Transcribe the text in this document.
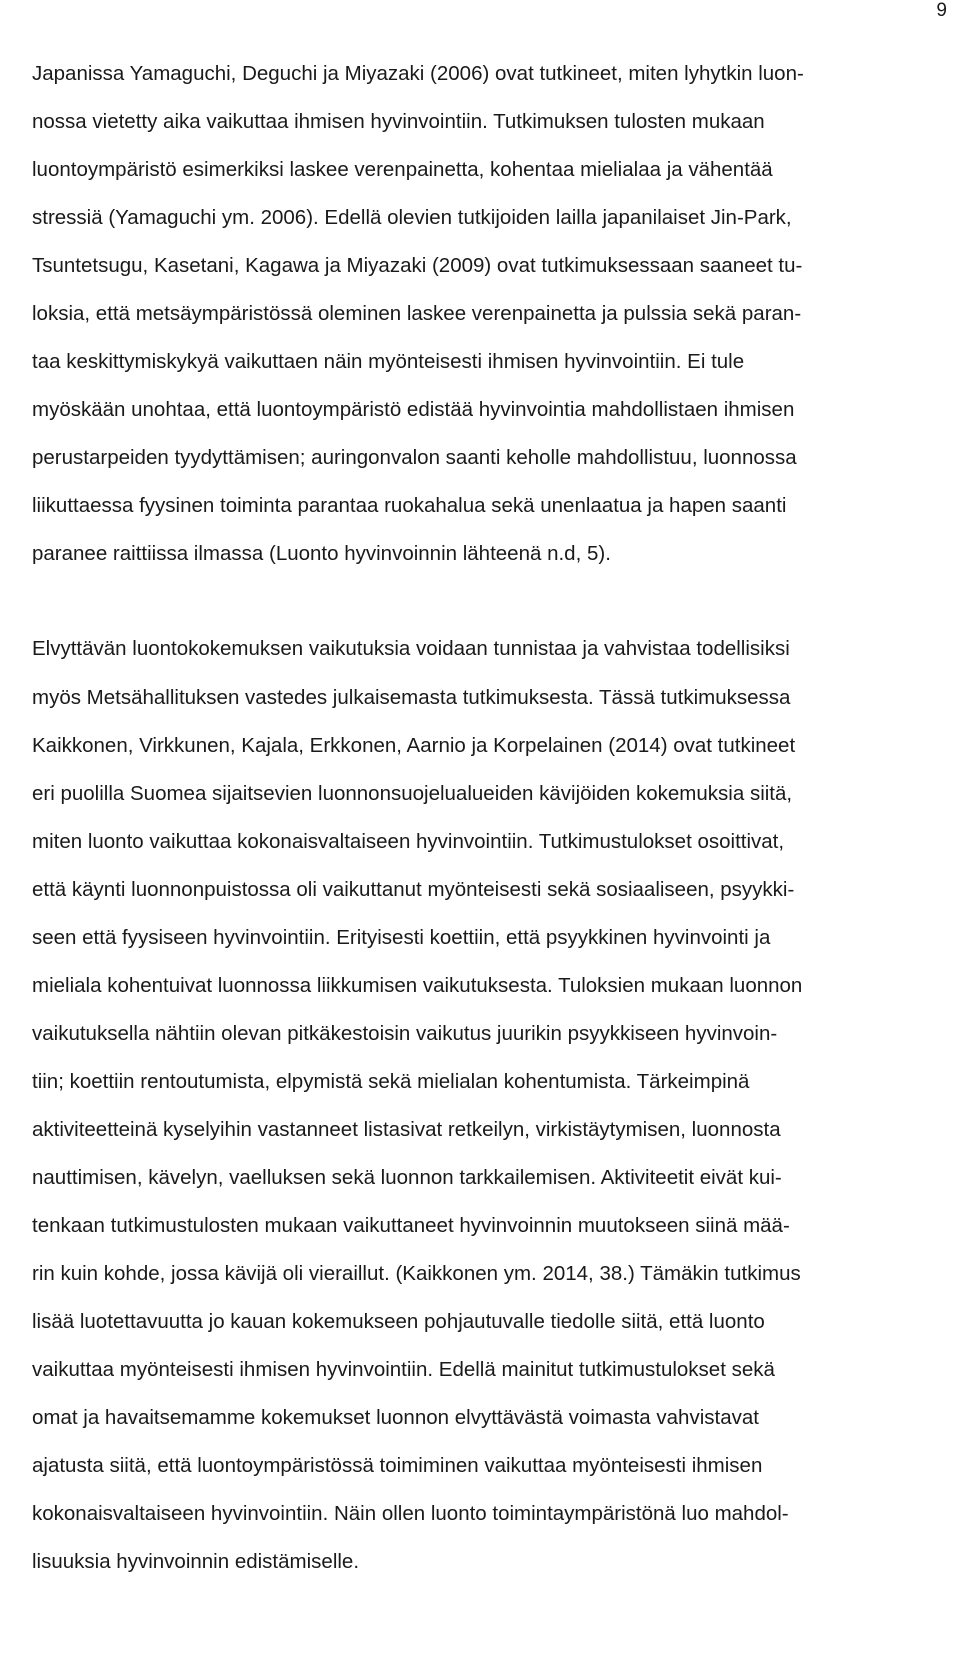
9
Japanissa Yamaguchi, Deguchi ja Miyazaki (2006) ovat tutkineet, miten lyhytkin luon-
nossa vietetty aika vaikuttaa ihmisen hyvinvointiin. Tutkimuksen tulosten mukaan
luontoympäristö esimerkiksi laskee verenpainetta, kohentaa mielialaa ja vähentää
stressiä (Yamaguchi ym. 2006). Edellä olevien tutkijoiden lailla japanilaiset Jin-Park,
Tsuntetsugu, Kasetani, Kagawa ja Miyazaki (2009) ovat tutkimuksessaan saaneet tu-
loksia, että metsäympäristössä oleminen laskee verenpainetta ja pulssia sekä paran-
taa keskittymiskykyä vaikuttaen näin myönteisesti ihmisen hyvinvointiin. Ei tule
myöskään unohtaa, että luontoympäristö edistää hyvinvointia mahdollistaen ihmisen
perustarpeiden tyydyttämisen; auringonvalon saanti keholle mahdollistuu, luonnossa
liikuttaessa fyysinen toiminta parantaa ruokahalua sekä unenlaatua ja hapen saanti
paranee raittiissa ilmassa (Luonto hyvinvoinnin lähteenä n.d, 5).
Elvyttävän luontokokemuksen vaikutuksia voidaan tunnistaa ja vahvistaa todellisiksi
myös Metsähallituksen vastedes julkaisemasta tutkimuksesta. Tässä tutkimuksessa
Kaikkonen, Virkkunen, Kajala, Erkkonen, Aarnio ja Korpelainen (2014) ovat tutkineet
eri puolilla Suomea sijaitsevien luonnonsuojelualueiden kävijöiden kokemuksia siitä,
miten luonto vaikuttaa kokonaisvaltaiseen hyvinvointiin. Tutkimustulokset osoittivat,
että käynti luonnonpuistossa oli vaikuttanut myönteisesti sekä sosiaaliseen, psyykki-
seen että fyysiseen hyvinvointiin. Erityisesti koettiin, että psyykkinen hyvinvointi ja
mieliala kohentuivat luonnossa liikkumisen vaikutuksesta. Tuloksien mukaan luonnon
vaikutuksella nähtiin olevan pitkäkestoisin vaikutus juurikin psyykkiseen hyvinvoin-
tiin; koettiin rentoutumista, elpymistä sekä mielialan kohentumista. Tärkeimpinä
aktiviteetteinä kyselyihin vastanneet listasivat retkeilyn, virkistäytymisen, luonnosta
nauttimisen, kävelyn, vaelluksen sekä luonnon tarkkailemisen. Aktiviteetit eivät kui-
tenkaan tutkimustulosten mukaan vaikuttaneet hyvinvoinnin muutokseen siinä mää-
rin kuin kohde, jossa kävijä oli vieraillut. (Kaikkonen ym. 2014, 38.) Tämäkin tutkimus
lisää luotettavuutta jo kauan kokemukseen pohjautuvalle tiedolle siitä, että luonto
vaikuttaa myönteisesti ihmisen hyvinvointiin. Edellä mainitut tutkimustulokset sekä
omat ja havaitsemamme kokemukset luonnon elvyttävästä voimasta vahvistavat
ajatusta siitä, että luontoympäristössä toimiminen vaikuttaa myönteisesti ihmisen
kokonaisvaltaiseen hyvinvointiin. Näin ollen luonto toimintaympäristönä luo mahdol-
lisuuksia hyvinvoinnin edistämiselle.
